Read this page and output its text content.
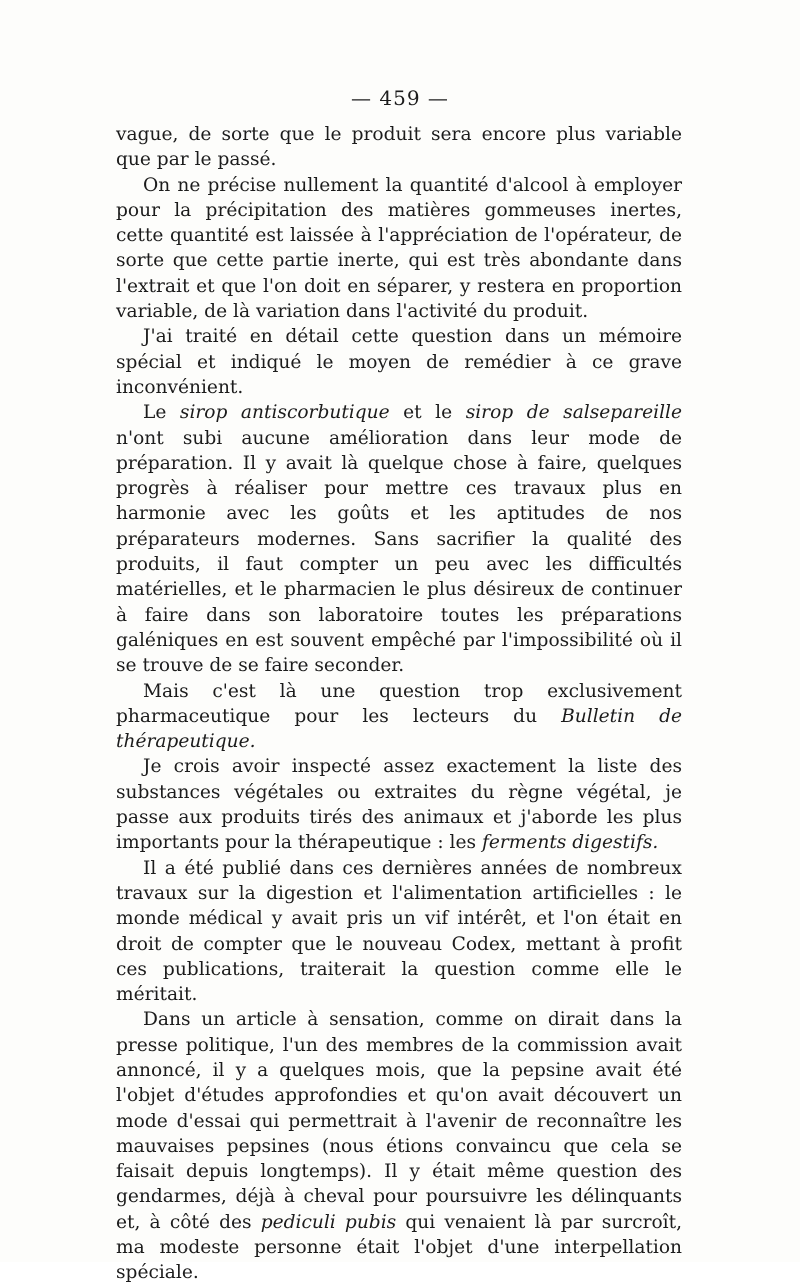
— 459 —

vague, de sorte que le produit sera encore plus variable que par le passé.

On ne précise nullement la quantité d'alcool à employer pour la précipitation des matières gommeuses inertes, cette quantité est laissée à l'appréciation de l'opérateur, de sorte que cette partie inerte, qui est très abondante dans l'extrait et que l'on doit en séparer, y restera en proportion variable, de là variation dans l'activité du produit.

J'ai traité en détail cette question dans un mémoire spécial et indiqué le moyen de remédier à ce grave inconvénient.

Le sirop antiscorbutique et le sirop de salsepareille n'ont subi aucune amélioration dans leur mode de préparation. Il y avait là quelque chose à faire, quelques progrès à réaliser pour mettre ces travaux plus en harmonie avec les goûts et les aptitudes de nos préparateurs modernes. Sans sacrifier la qualité des produits, il faut compter un peu avec les difficultés matérielles, et le pharmacien le plus désireux de continuer à faire dans son laboratoire toutes les préparations galéniques en est souvent empêché par l'impossibilité où il se trouve de se faire seconder.

Mais c'est là une question trop exclusivement pharmaceutique pour les lecteurs du Bulletin de thérapeutique.

Je crois avoir inspecté assez exactement la liste des substances végétales ou extraites du règne végétal, je passe aux produits tirés des animaux et j'aborde les plus importants pour la thérapeutique : les ferments digestifs.

Il a été publié dans ces dernières années de nombreux travaux sur la digestion et l'alimentation artificielles : le monde médical y avait pris un vif intérêt, et l'on était en droit de compter que le nouveau Codex, mettant à profit ces publications, traiterait la question comme elle le méritait.

Dans un article à sensation, comme on dirait dans la presse politique, l'un des membres de la commission avait annoncé, il y a quelques mois, que la pepsine avait été l'objet d'études approfondies et qu'on avait découvert un mode d'essai qui permettrait à l'avenir de reconnaître les mauvaises pepsines (nous étions convaincu que cela se faisait depuis longtemps). Il y était même question des gendarmes, déjà à cheval pour poursuivre les délinquants et, à côté des pediculi pubis qui venaient là par surcroît, ma modeste personne était l'objet d'une interpellation spéciale.
